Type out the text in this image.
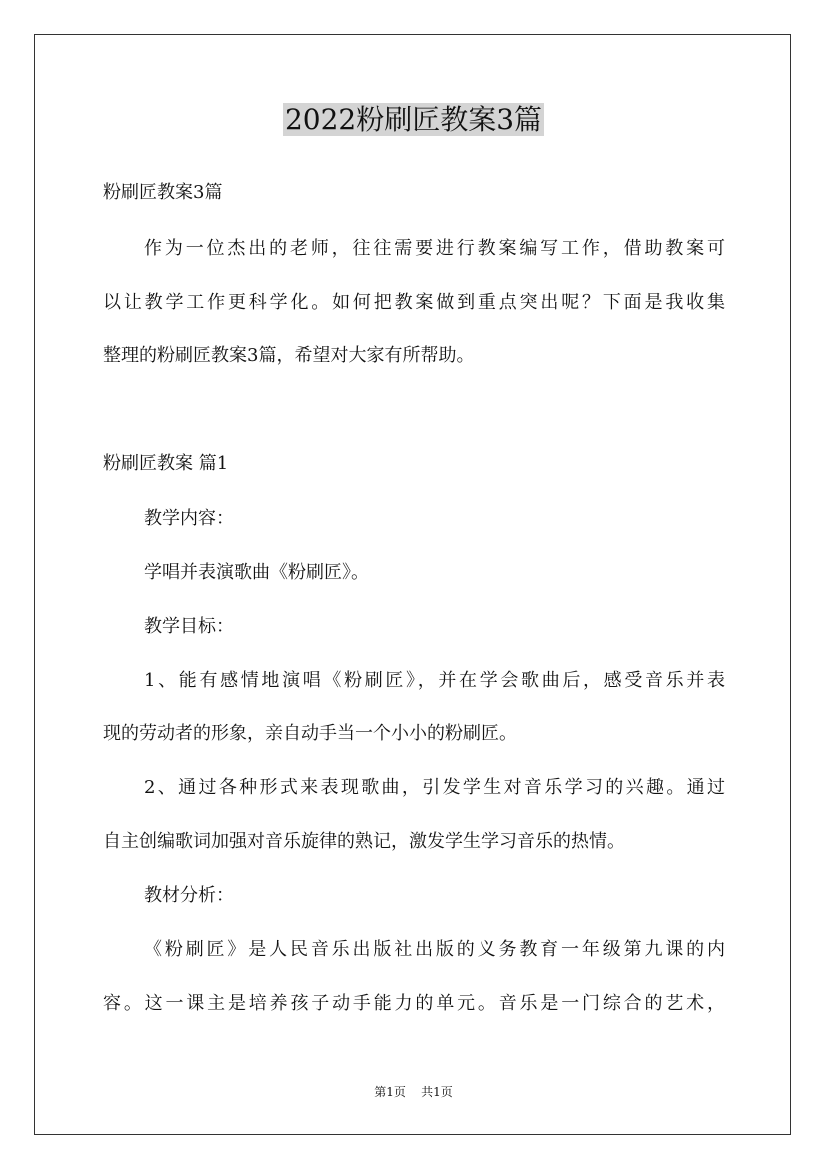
2022粉刷匠教案3篇
粉刷匠教案3篇
作为一位杰出的老师，往往需要进行教案编写工作，借助教案可
以让教学工作更科学化。如何把教案做到重点突出呢？下面是我收集
整理的粉刷匠教案3篇，希望对大家有所帮助。
粉刷匠教案 篇1
教学内容：
学唱并表演歌曲《粉刷匠》。
教学目标：
1、能有感情地演唱《粉刷匠》，并在学会歌曲后，感受音乐并表
现的劳动者的形象，亲自动手当一个小小的粉刷匠。
2、通过各种形式来表现歌曲，引发学生对音乐学习的兴趣。通过
自主创编歌词加强对音乐旋律的熟记，激发学生学习音乐的热情。
教材分析：
《粉刷匠》是人民音乐出版社出版的义务教育一年级第九课的内
容。这一课主是培养孩子动手能力的单元。音乐是一门综合的艺术，
第1页 共1页
